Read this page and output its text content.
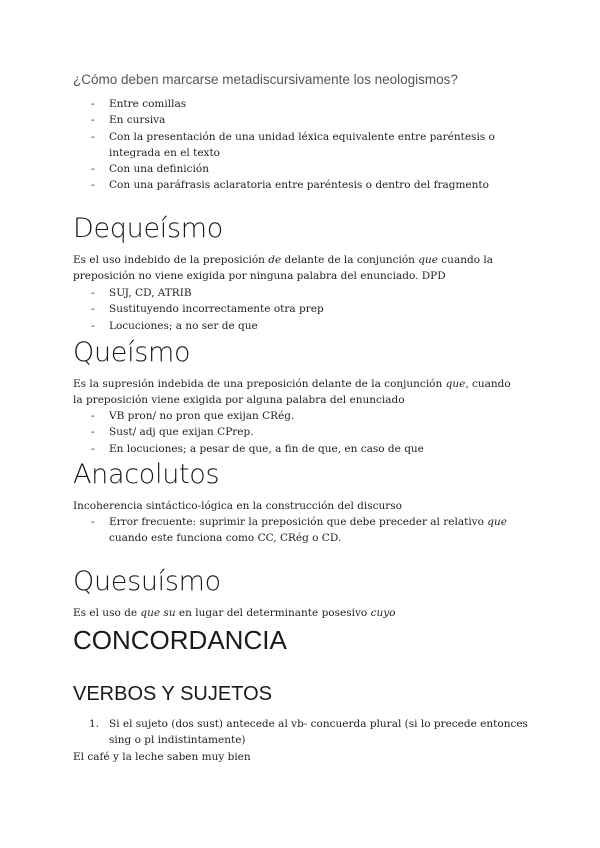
¿Cómo deben marcarse metadiscursivamente los neologismos?
- Entre comillas
- En cursiva
- Con la presentación de una unidad léxica equivalente entre paréntesis o integrada en el texto
- Con una definición
- Con una paráfrasis aclaratoria entre paréntesis o dentro del fragmento
Dequeísmo
Es el uso indebido de la preposición de delante de la conjunción que cuando la preposición no viene exigida por ninguna palabra del enunciado. DPD
- SUJ, CD, ATRIB
- Sustituyendo incorrectamente otra prep
- Locuciones; a no ser de que
Queísmo
Es la supresión indebida de una preposición delante de la conjunción que, cuando la preposición viene exigida por alguna palabra del enunciado
- VB pron/ no pron que exijan CRég.
- Sust/ adj que exijan CPrep.
- En locuciones; a pesar de que, a fin de que, en caso de que
Anacolutos
Incoherencia sintáctico-lógica en la construcción del discurso
- Error frecuente: suprimir la preposición que debe preceder al relativo que cuando este funciona como CC, CRég o CD.
Quesuísmo
Es el uso de que su en lugar del determinante posesivo cuyo
CONCORDANCIA
VERBOS Y SUJETOS
1. Si el sujeto (dos sust) antecede al vb- concuerda plural (si lo precede entonces sing o pl indistintamente)
El café y la leche saben muy bien
